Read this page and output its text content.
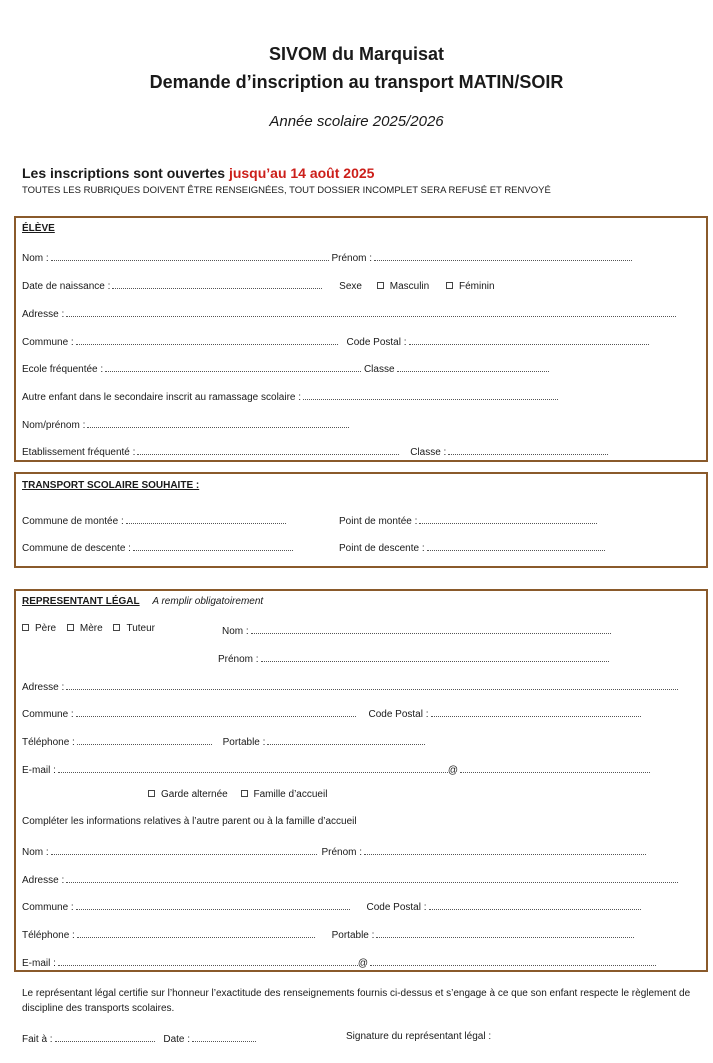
SIVOM du Marquisat
Demande d’inscription au transport MATIN/SOIR
Année scolaire 2025/2026
Les inscriptions sont ouvertes jusqu’au 14 août 2025
TOUTES LES RUBRIQUES DOIVENT ÊTRE RENSEIGNÉES, TOUT DOSSIER INCOMPLET SERA REFUSÉ ET RENVOYÉ
ÉLÈVE
Nom :	Prénom :
Date de naissance :	Sexe	Masculin	Féminin
Adresse :
Commune :	Code Postal :
Ecole fréquentée :	Classe
Autre enfant dans le secondaire inscrit au ramassage scolaire :
Nom/prénom :
Etablissement fréquenté :	Classe :
TRANSPORT SCOLAIRE SOUHAITE :
Commune de montée :	Point de montée :
Commune de descente :	Point de descente :
REPRESENTANT LÉGAL A remplir obligatoirement
Père Mère Tuteur	Nom :
Prénom :
Adresse :
Commune :	Code Postal :
Téléphone :	Portable :
E-mail :	@
Garde alternée	Famille d’accueil
Compléter les informations relatives à l’autre parent ou à la famille d’accueil
Nom :	Prénom :
Adresse :
Commune :	Code Postal :
Téléphone :	Portable :
E-mail :	@
Le représentant légal certifie sur l’honneur l’exactitude des renseignements fournis ci-dessus et s’engage à ce que son enfant respecte le règlement de discipline des transports scolaires.
Fait à :	Date :	Signature du représentant légal :
